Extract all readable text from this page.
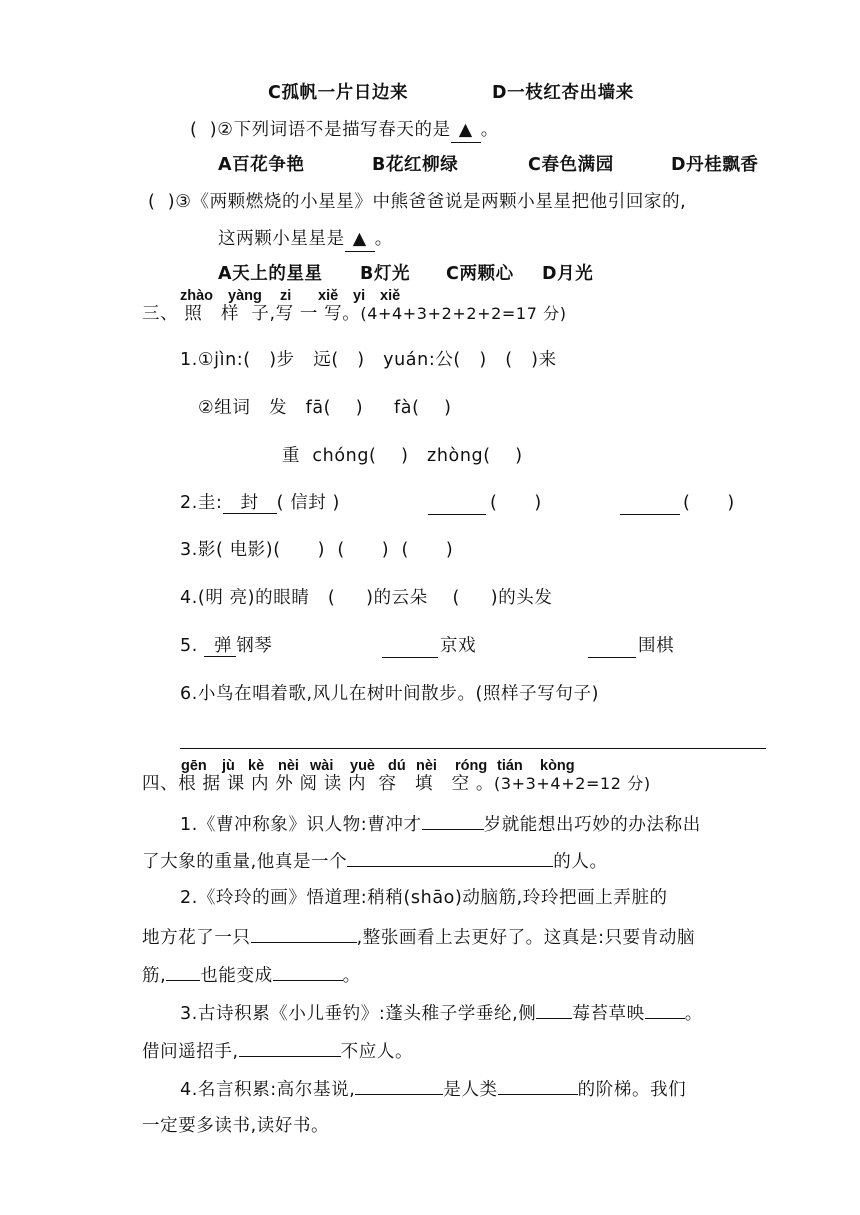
C孤帆一片日边来	D一枝红杏出墙来
(  )②下列词语不是描写春天的是 ▲ 。
A百花争艳	B花红柳绿	C春色满园	D丹桂飘香
(  )③《两颗燃烧的小星星》中熊爸爸说是两颗小星星把他引回家的,
这两颗小星星是 ▲ 。
A天上的星星 B灯光 C两颗心 D月光
zhào yàng zi xiě yi xiě
三、 照   样  子,写 一 写。(4+4+3+2+2+2=17 分)
1.①jìn:(   )步   远(   )   yuán:公(   )   (   )来
②组词   发 fā(    ) fà(    )
重  chóng(    )   zhòng(    )
2.圭: 封 ( 信封 )	(      )	(      )
3.影( 电影)(      )  (      )  (      )
4.(明 亮)的眼睛   (     )的云朵    (     )的头发
5. 弹 钢琴	京戏	围棋
6.小鸟在唱着歌,风儿在树叶间散步。(照样子写句子)
gēn jù kè nèi wài yuè dú nèi róng tián kòng
四、根 据 课 内 外 阅 读 内  容   填   空 。(3+3+4+2=12 分)
1.《曹冲称象》识人物:曹冲才	岁就能想出巧妙的办法称出
了大象的重量,他真是一个	的人。
2.《玲玲的画》悟道理:稍稍(shāo)动脑筋,玲玲把画上弄脏的
地方花了一只	,整张画看上去更好了。这真是:只要肯动脑
筋, 也能变成	。
3.古诗积累《小儿垂钓》:蓬头稚子学垂纶,侧 莓苔草映 。
借问遥招手,	不应人。
4.名言积累:高尔基说,	是人类	的阶梯。我们
一定要多读书,读好书。
